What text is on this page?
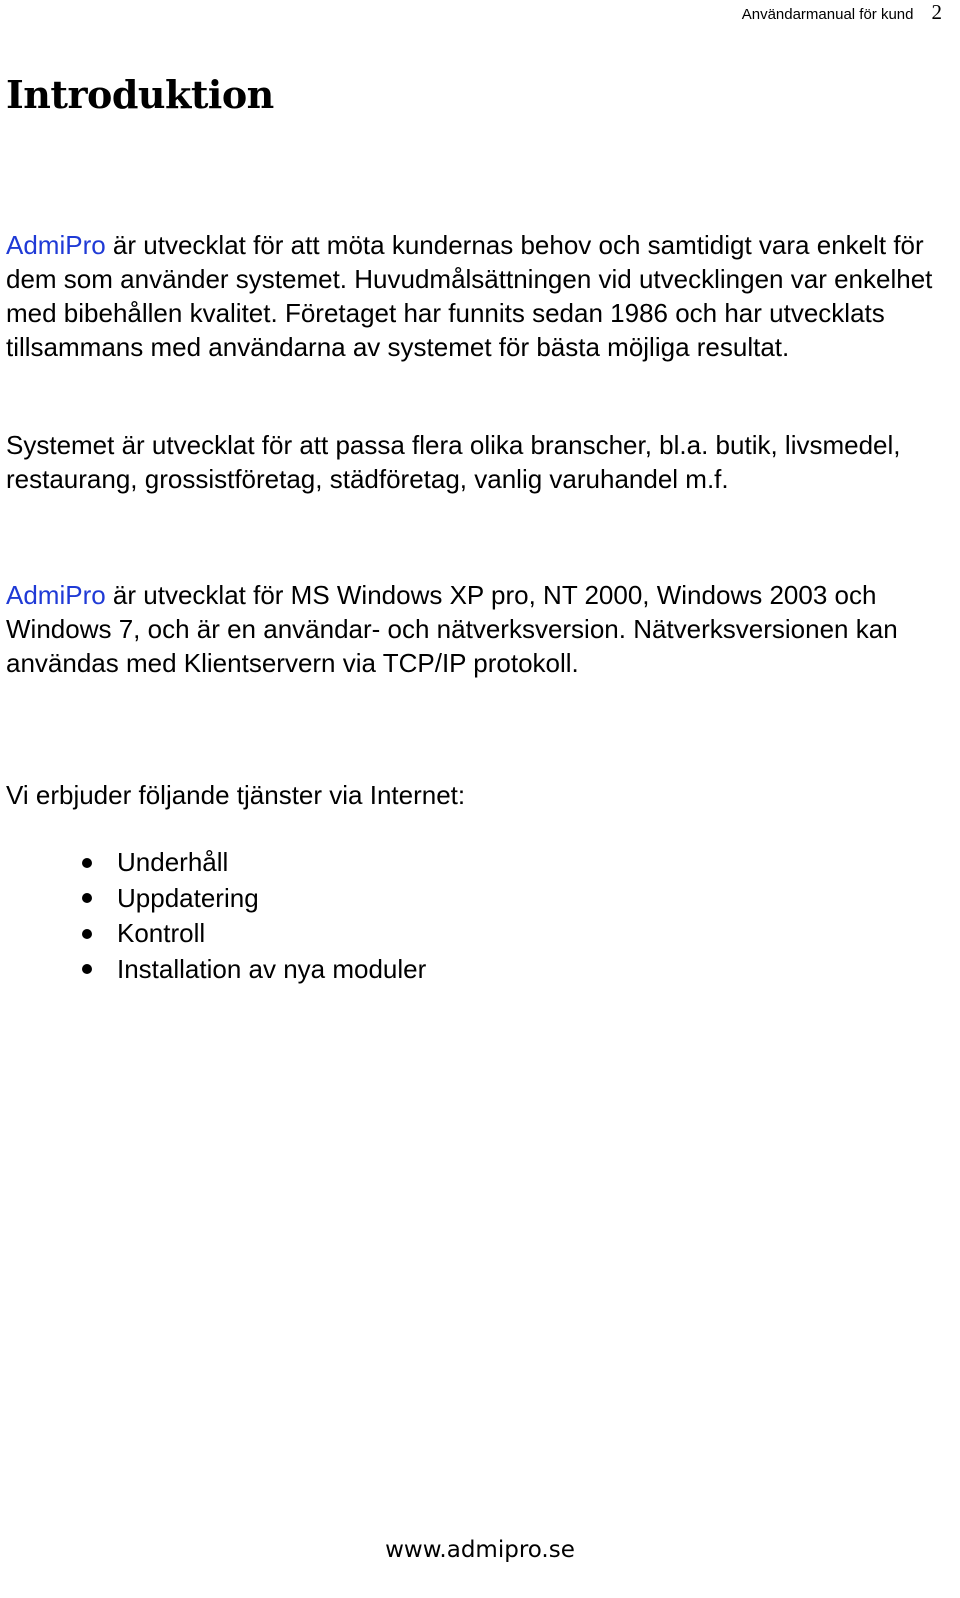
Användarmanual för kund 2
Introduktion

AdmiPro är utvecklat för att möta kundernas behov och samtidigt vara enkelt för dem som använder systemet. Huvudmålsättningen vid utvecklingen var enkelhet med bibehållen kvalitet. Företaget har funnits sedan 1986 och har utvecklats tillsammans med användarna av systemet för bästa möjliga resultat.

Systemet är utvecklat för att passa flera olika branscher, bl.a. butik, livsmedel, restaurang, grossistföretag, städföretag, vanlig varuhandel m.f.

AdmiPro är utvecklat för MS Windows XP pro, NT 2000, Windows 2003 och Windows 7, och är en användar- och nätverksversion. Nätverksversionen kan användas med Klientservern via TCP/IP protokoll.

Vi erbjuder följande tjänster via Internet:

Underhåll
Uppdatering
Kontroll
Installation av nya moduler
www.admipro.se
